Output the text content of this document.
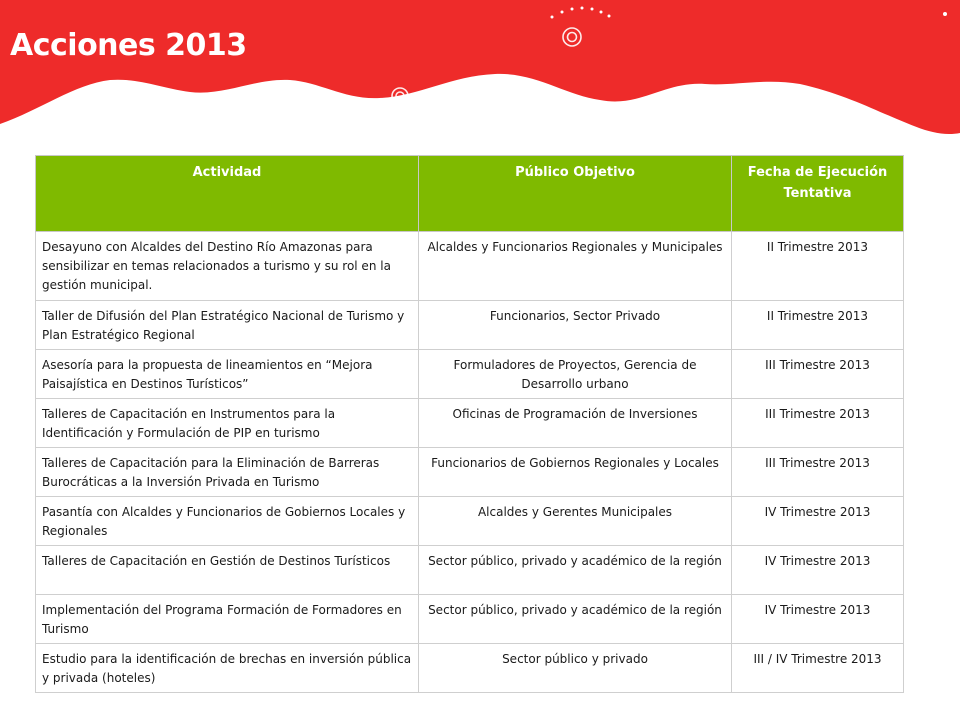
Acciones 2013
Actividad	Público Objetivo	Fecha de Ejecución Tentativa
Desayuno con Alcaldes del Destino Río Amazonas para sensibilizar en temas relacionados a turismo y su rol en la gestión municipal.	Alcaldes y Funcionarios Regionales y Municipales	II Trimestre 2013
Taller de Difusión del Plan Estratégico Nacional de Turismo y Plan Estratégico Regional	Funcionarios, Sector Privado	II Trimestre 2013
Asesoría para la propuesta de lineamientos en “Mejora Paisajística en Destinos Turísticos”	Formuladores de Proyectos, Gerencia de Desarrollo urbano	III Trimestre 2013
Talleres de Capacitación en Instrumentos para la Identificación y Formulación de PIP en turismo	Oficinas de Programación de Inversiones	III Trimestre 2013
Talleres de Capacitación para la Eliminación de Barreras Burocráticas a la Inversión Privada en Turismo	Funcionarios de Gobiernos Regionales y Locales	III Trimestre 2013
Pasantía con Alcaldes y Funcionarios de Gobiernos Locales y Regionales	Alcaldes y Gerentes Municipales	IV Trimestre 2013
Talleres de Capacitación en Gestión de Destinos Turísticos	Sector público, privado y académico de la región	IV Trimestre 2013
Implementación del Programa Formación de Formadores en Turismo	Sector público, privado y académico de la región	IV Trimestre 2013
Estudio para la identificación de brechas en inversión pública y privada (hoteles)	Sector público y privado	III / IV Trimestre 2013
